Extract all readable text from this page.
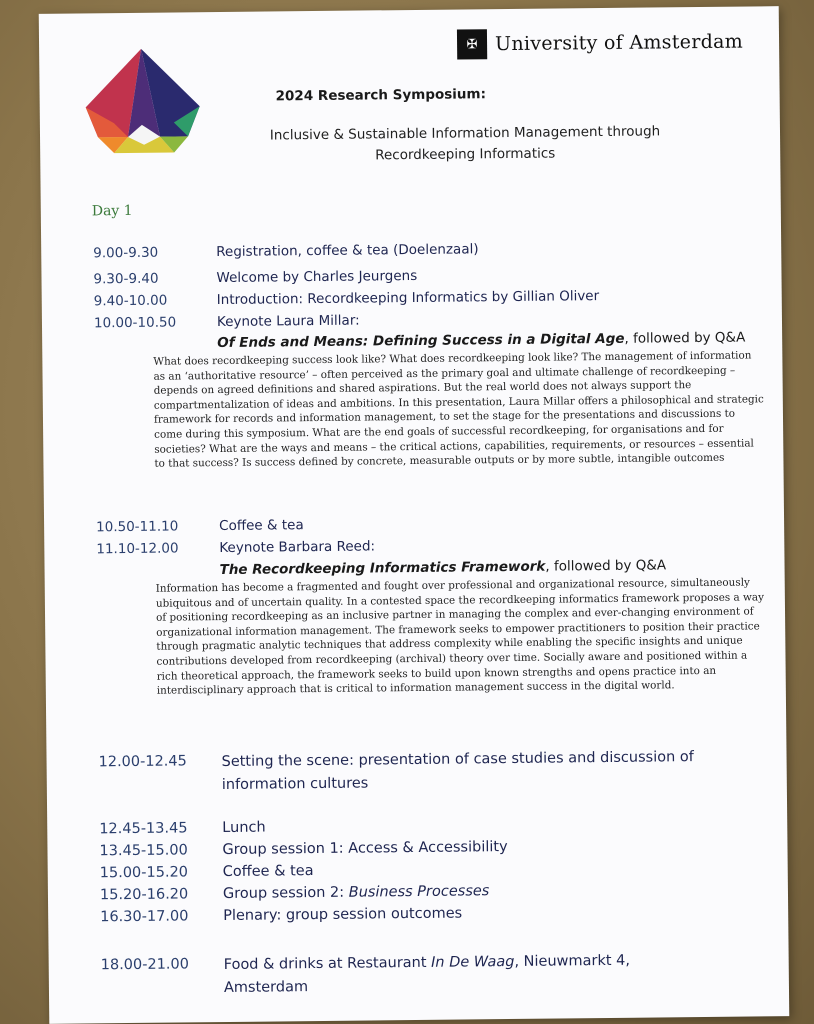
✠ University of Amsterdam
2024 Research Symposium:
Inclusive & Sustainable Information Management through Recordkeeping Informatics
Day 1
9.00-9.30	Registration, coffee & tea (Doelenzaal)
9.30-9.40	Welcome by Charles Jeurgens
9.40-10.00	Introduction: Recordkeeping Informatics by Gillian Oliver
10.00-10.50	Keynote Laura Millar:
Of Ends and Means: Defining Success in a Digital Age, followed by Q&A
What does recordkeeping success look like? What does recordkeeping look like? The management of information as an ‘authoritative resource’ – often perceived as the primary goal and ultimate challenge of recordkeeping – depends on agreed definitions and shared aspirations. But the real world does not always support the compartmentalization of ideas and ambitions. In this presentation, Laura Millar offers a philosophical and strategic framework for records and information management, to set the stage for the presentations and discussions to come during this symposium. What are the end goals of successful recordkeeping, for organisations and for societies? What are the ways and means – the critical actions, capabilities, requirements, or resources – essential to that success? Is success defined by concrete, measurable outputs or by more subtle, intangible outcomes
10.50-11.10	Coffee & tea
11.10-12.00	Keynote Barbara Reed:
The Recordkeeping Informatics Framework, followed by Q&A
Information has become a fragmented and fought over professional and organizational resource, simultaneously ubiquitous and of uncertain quality. In a contested space the recordkeeping informatics framework proposes a way of positioning recordkeeping as an inclusive partner in managing the complex and ever-changing environment of organizational information management. The framework seeks to empower practitioners to position their practice through pragmatic analytic techniques that address complexity while enabling the specific insights and unique contributions developed from recordkeeping (archival) theory over time. Socially aware and positioned within a rich theoretical approach, the framework seeks to build upon known strengths and opens practice into an interdisciplinary approach that is critical to information management success in the digital world.
12.00-12.45 Setting the scene: presentation of case studies and discussion of information cultures
12.45-13.45 Lunch
13.45-15.00 Group session 1: Access & Accessibility
15.00-15.20 Coffee & tea
15.20-16.20 Group session 2: Business Processes
16.30-17.00 Plenary: group session outcomes
18.00-21.00 Food & drinks at Restaurant In De Waag, Nieuwmarkt 4, Amsterdam
